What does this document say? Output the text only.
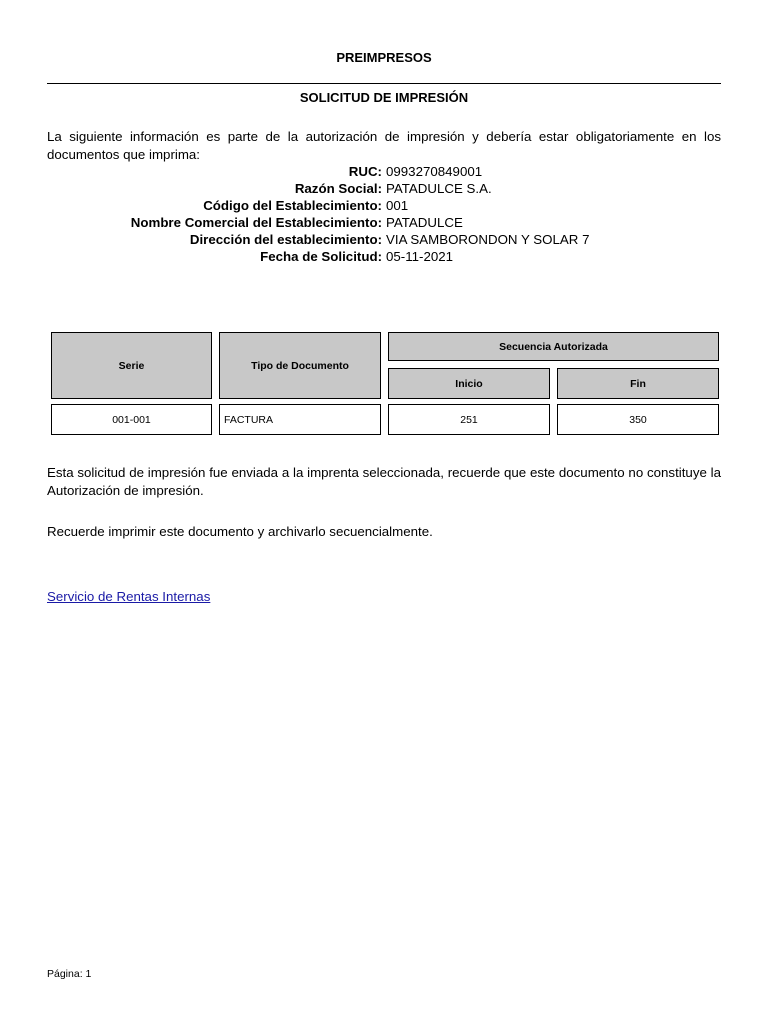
PREIMPRESOS
SOLICITUD DE IMPRESIÓN
La siguiente información es parte de la autorización de impresión y debería estar obligatoriamente en los documentos que imprima:
RUC: 0993270849001
Razón Social: PATADULCE S.A.
Código del Establecimiento: 001
Nombre Comercial del Establecimiento: PATADULCE
Dirección del establecimiento: VIA SAMBORONDON Y SOLAR 7
Fecha de Solicitud: 05-11-2021
Serie	Tipo de Documento
Secuencia Autorizada
Inicio	Fin
001-001	FACTURA	251	350
Esta solicitud de impresión fue enviada a la imprenta seleccionada, recuerde que este documento no constituye la Autorización de impresión.
Recuerde imprimir este documento y archivarlo secuencialmente.
Servicio de Rentas Internas
Página: 1
